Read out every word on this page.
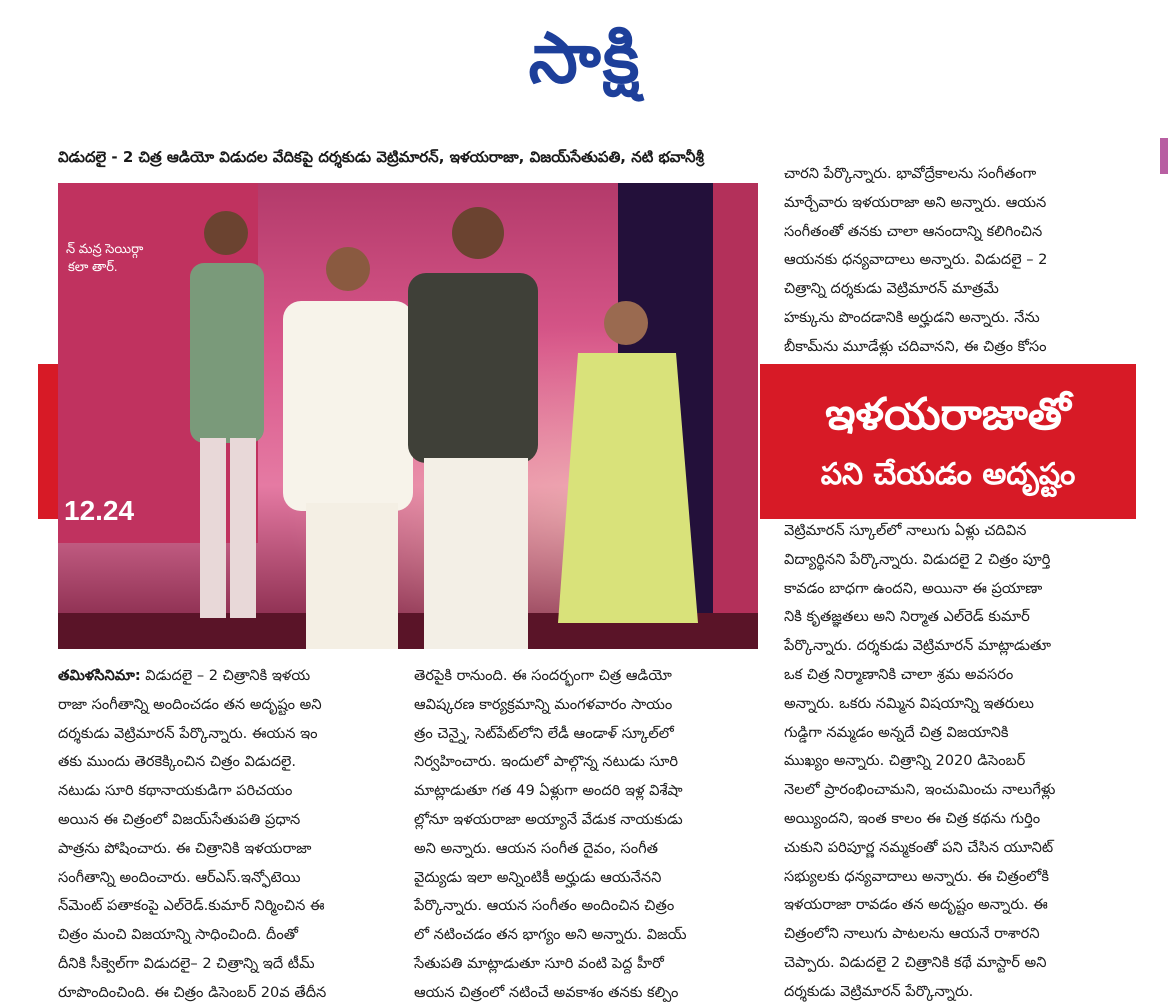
సాక్షి
విడుదలై - 2 చిత్ర ఆడియో విడుదల వేదికపై దర్శకుడు వెట్రిమారన్, ఇళయరాజా, విజయ్‌సేతుపతి, నటి భవానీశ్రీ
న్ మన్ర సెయిర్గా
కలా తార్.
12.24
ఇళయరాజాతో
పని చేయడం అదృష్టం

తమిళసినిమా: విడుదలై – 2 చిత్రానికి ఇళయ

రాజా సంగీతాన్ని అందించడం తన అదృష్టం అని

దర్శకుడు వెట్రిమారన్ పేర్కొన్నారు. ఈయన ఇం

తకు ముందు తెరకెక్కించిన చిత్రం విడుదలై.

నటుడు సూరి కథానాయకుడిగా పరిచయం

అయిన ఈ చిత్రంలో విజయ్‌సేతుపతి ప్రధాన

పాత్రను పోషించారు. ఈ చిత్రానికి ఇళయరాజా

సంగీతాన్ని అందించారు. ఆర్‌ఎస్.ఇన్ఫోటెయి

న్‌మెంట్ పతాకంపై ఎల్‌రెడ్.కుమార్ నిర్మించిన ఈ

చిత్రం మంచి విజయాన్ని సాధించింది. దీంతో

దీనికి సీక్వెల్‌గా విడుదలై– 2 చిత్రాన్ని ఇదే టీమ్

రూపొందించింది. ఈ చిత్రం డిసెంబర్ 20వ తేదీన

తెరపైకి రానుంది. ఈ సందర్భంగా చిత్ర ఆడియో

ఆవిష్కరణ కార్యక్రమాన్ని మంగళవారం సాయం

త్రం చెన్నై, సెట్‌పేట్‌లోని లేడీ ఆండాళ్ స్కూల్‌లో

నిర్వహించారు. ఇందులో పాల్గొన్న నటుడు సూరి

మాట్లాడుతూ గత 49 ఏళ్లుగా అందరి ఇళ్ల విశేషా

ల్లోనూ ఇళయరాజా అయ్యానే వేడుక నాయకుడు

అని అన్నారు. ఆయన సంగీత దైవం, సంగీత

వైద్యుడు ఇలా అన్నింటికీ అర్హుడు ఆయనేనని

పేర్కొన్నారు. ఆయన సంగీతం అందించిన చిత్రం

లో నటించడం తన భాగ్యం అని అన్నారు. విజయ్

సేతుపతి మాట్లాడుతూ సూరి వంటి పెద్ద హీరో

ఆయన చిత్రంలో నటించే అవకాశం తనకు కల్పిం

చారని పేర్కొన్నారు. భావోద్రేకాలను సంగీతంగా

మార్చేవారు ఇళయరాజా అని అన్నారు. ఆయన

సంగీతంతో తనకు చాలా ఆనందాన్ని కలిగించిన

ఆయనకు ధన్యవాదాలు అన్నారు. విడుదలై – 2

చిత్రాన్ని దర్శకుడు వెట్రిమారన్ మాత్రమే

హక్కును పొందడానికి అర్హుడని అన్నారు. నేను

బీకామ్‌ను మూడేళ్లు చదివానని, ఈ చిత్రం కోసం

వెట్రిమారన్ స్కూల్‌లో నాలుగు ఏళ్లు చదివిన

విద్యార్థినని పేర్కొన్నారు. విడుదలై 2 చిత్రం పూర్తి

కావడం బాధగా ఉందని, అయినా ఈ ప్రయాణా

నికి కృతజ్ఞతలు అని నిర్మాత ఎల్‌రెడ్ కుమార్

పేర్కొన్నారు. దర్శకుడు వెట్రిమారన్ మాట్లాడుతూ

ఒక చిత్ర నిర్మాణానికి చాలా శ్రమ అవసరం

అన్నారు. ఒకరు నమ్మిన విషయాన్ని ఇతరులు

గుడ్డిగా నమ్మడం అన్నదే చిత్ర విజయానికి

ముఖ్యం అన్నారు. చిత్రాన్ని 2020 డిసెంబర్

నెలలో ప్రారంభించామని, ఇంచుమించు నాలుగేళ్లు

అయ్యిందని, ఇంత కాలం ఈ చిత్ర కథను గుర్తిం

చుకుని పరిపూర్ణ నమ్మకంతో పని చేసిన యూనిట్

సభ్యులకు ధన్యవాదాలు అన్నారు. ఈ చిత్రంలోకి

ఇళయరాజా రావడం తన అదృష్టం అన్నారు. ఈ

చిత్రంలోని నాలుగు పాటలను ఆయనే రాశారని

చెప్పారు. విడుదలై 2 చిత్రానికి కథే మాస్టార్ అని

దర్శకుడు వెట్రిమారన్ పేర్కొన్నారు.
